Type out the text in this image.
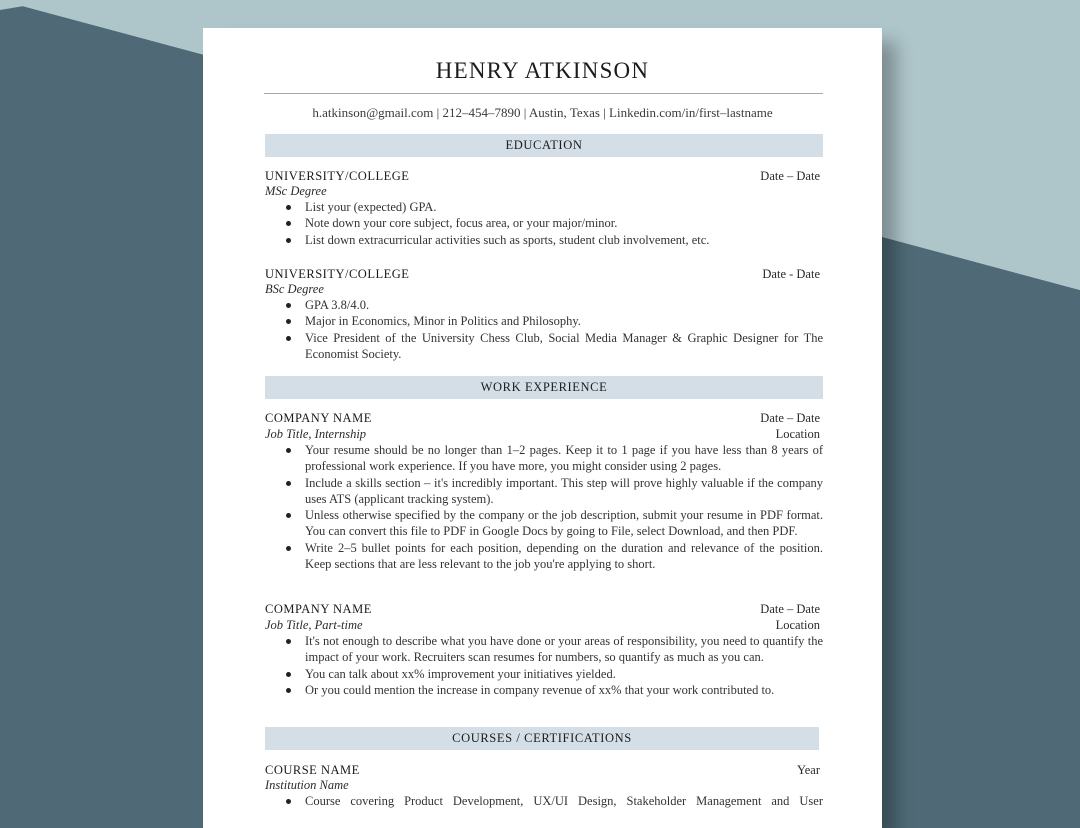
HENRY ATKINSON
h.atkinson@gmail.com | 212–454–7890 | Austin, Texas | Linkedin.com/in/first–lastname
EDUCATION
UNIVERSITY/COLLEGE	Date – Date
MSc Degree
List your (expected) GPA.
Note down your core subject, focus area, or your major/minor.
List down extracurricular activities such as sports, student club involvement, etc.
UNIVERSITY/COLLEGE	Date - Date
BSc Degree
GPA 3.8/4.0.
Major in Economics, Minor in Politics and Philosophy.
Vice President of the University Chess Club, Social Media Manager & Graphic Designer for The Economist Society.
WORK EXPERIENCE
COMPANY NAME	Date – Date
Job Title, Internship	Location
Your resume should be no longer than 1–2 pages. Keep it to 1 page if you have less than 8 years of professional work experience. If you have more, you might consider using 2 pages.
Include a skills section – it's incredibly important. This step will prove highly valuable if the company uses ATS (applicant tracking system).
Unless otherwise specified by the company or the job description, submit your resume in PDF format. You can convert this file to PDF in Google Docs by going to File, select Download, and then PDF.
Write 2–5 bullet points for each position, depending on the duration and relevance of the position. Keep sections that are less relevant to the job you're applying to short.
COMPANY NAME	Date – Date
Job Title, Part-time	Location
It's not enough to describe what you have done or your areas of responsibility, you need to quantify the impact of your work. Recruiters scan resumes for numbers, so quantify as much as you can.
You can talk about xx% improvement your initiatives yielded.
Or you could mention the increase in company revenue of xx% that your work contributed to.
COURSES / CERTIFICATIONS
COURSE NAME	Year
Institution Name
Course covering Product Development, UX/UI Design, Stakeholder Management and User
